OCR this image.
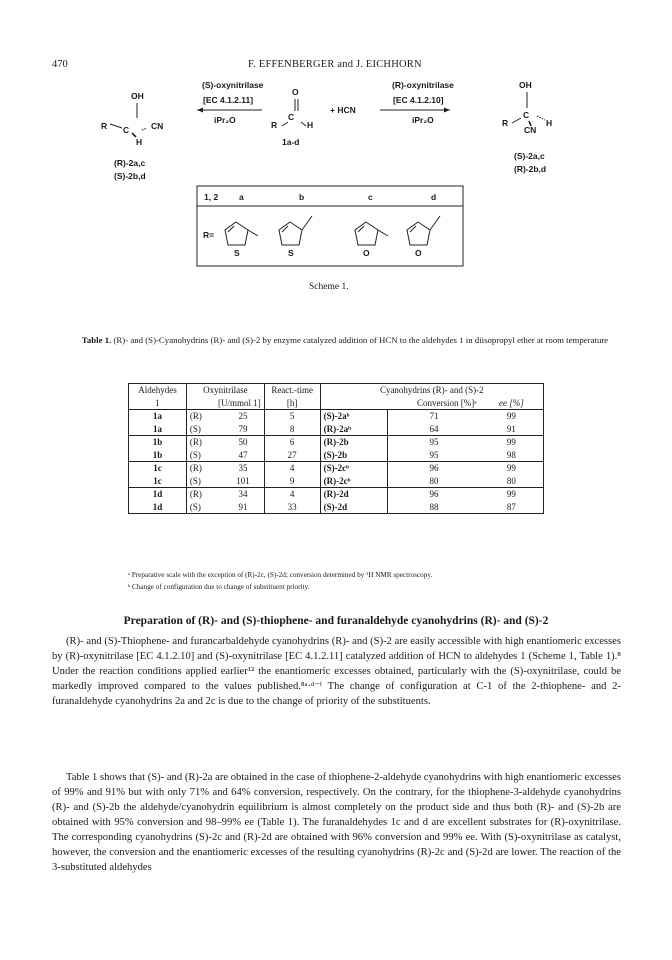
470	F. EFFENBERGER and J. EICHHORN
OH
C
R	CN
H
(R)-2a,c
(S)-2b,d
(S)-oxynitrilase
[EC 4.1.2.11]
iPr₂O
O
C
R	H
1a-d
+ HCN
(R)-oxynitrilase
[EC 4.1.2.10]
iPr₂O
OH
C
R	H
CN
(S)-2a,c
(R)-2b,d
1, 2 a	b	c	d
R=
S	S	O	O
Scheme 1.
Table 1. (R)- and (S)-Cyanohydrins (R)- and (S)-2 by enzyme catalyzed addition of HCN to the aldehydes 1 in diisopropyl ether at room temperature
Aldehydes	Oxynitrilase		React.-time	Cyanohydrins (R)- and (S)-2		
1	[U/mmol 1]		[h]		Conversion [%]ᵃ	ee [%]
1a	(R)	25	5	(S)-2aᵇ	71	99
1a	(S)	79	8	(R)-2aᵇ	64	91
1b	(R)	50	6	(R)-2b	95	99
1b	(S)	47	27	(S)-2b	95	98
1c	(R)	35	4	(S)-2cᵇ	96	99
1c	(S)	101	9	(R)-2cᵇ	80	80
1d	(R)	34	4	(R)-2d	96	99
1d	(S)	91	33	(S)-2d	88	87
ᵃ Preparative scale with the exception of (R)-2c, (S)-2d; conversion determined by ¹H NMR spectroscopy.
ᵇ Change of configuration due to change of substituent priority.
Preparation of (R)- and (S)-thiophene- and furanaldehyde cyanohydrins (R)- and (S)-2
(R)- and (S)-Thiophene- and furancarbaldehyde cyanohydrins (R)- and (S)-2 are easily accessible with high enantiomeric excesses by (R)-oxynitrilase [EC 4.1.2.10] and (S)-oxynitrilase [EC 4.1.2.11] catalyzed addition of HCN to aldehydes 1 (Scheme 1, Table 1).⁸ Under the reaction conditions applied earlier¹² the enantiomeric excesses obtained, particularly with the (S)-oxynitrilase, could be markedly improved compared to the values published.⁸ᵃ·ᵈ⁻ᶠ The change of configuration at C-1 of the 2-thiophene- and 2-furanaldehyde cyanohydrins 2a and 2c is due to the change of priority of the substituents.
Table 1 shows that (S)- and (R)-2a are obtained in the case of thiophene-2-aldehyde cyanohydrins with high enantiomeric excesses of 99% and 91% but with only 71% and 64% conversion, respectively. On the contrary, for the thiophene-3-aldehyde cyanohydrins (R)- and (S)-2b the aldehyde/cyanohydrin equilibrium is almost completely on the product side and thus both (R)- and (S)-2b are obtained with 95% conversion and 98–99% ee (Table 1). The furanaldehydes 1c and d are excellent substrates for (R)-oxynitrilase. The corresponding cyanohydrins (S)-2c and (R)-2d are obtained with 96% conversion and 99% ee. With (S)-oxynitrilase as catalyst, however, the conversion and the enantiomeric excesses of the resulting cyanohydrins (R)-2c and (S)-2d are lower. The reaction of the 3-substituted aldehydes
